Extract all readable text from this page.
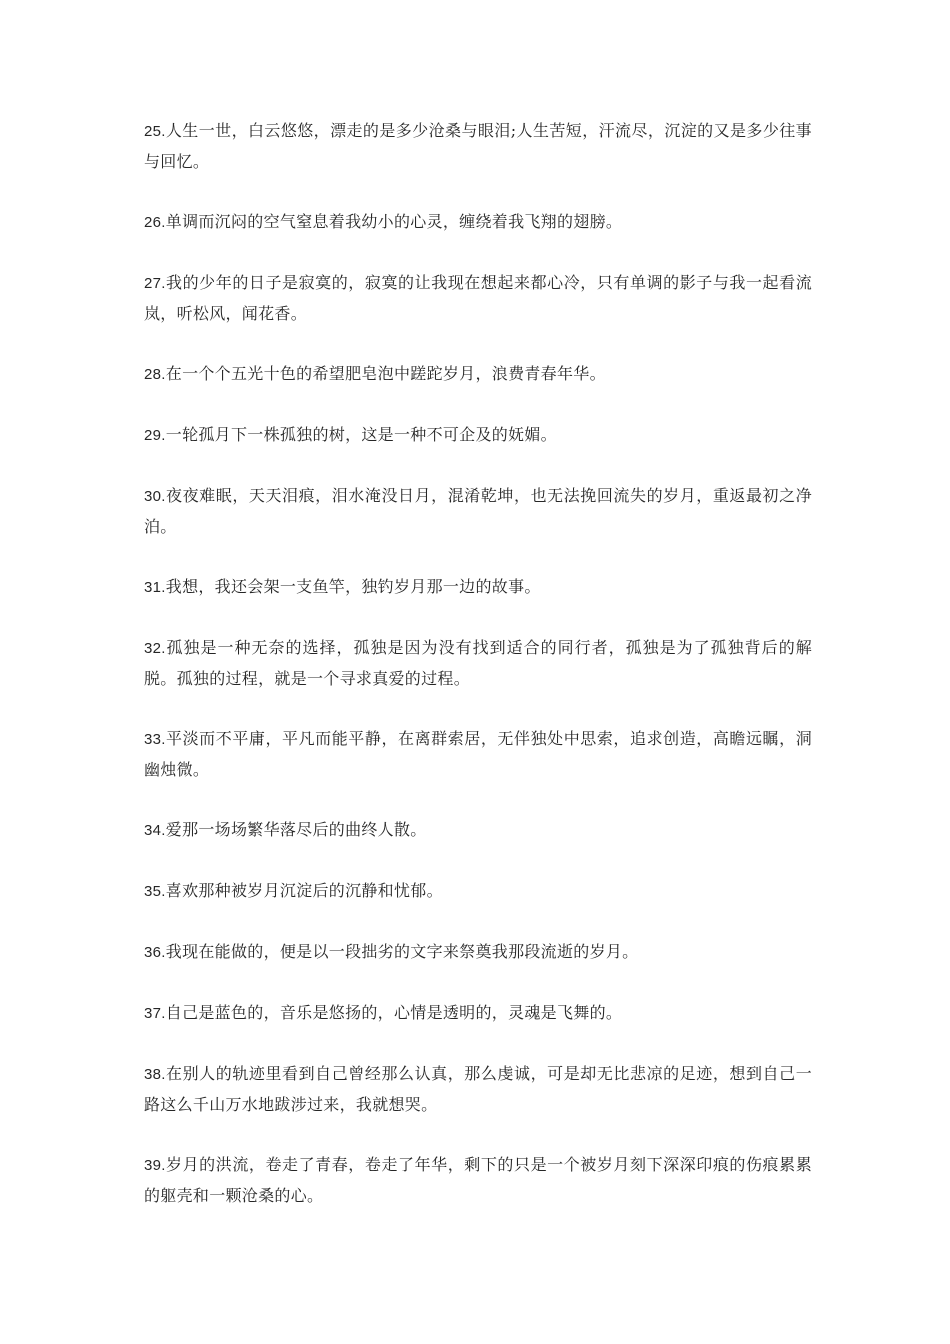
25.人生一世，白云悠悠，漂走的是多少沧桑与眼泪;人生苦短，汗流尽，沉淀的又是多少往事与回忆。
26.单调而沉闷的空气窒息着我幼小的心灵，缠绕着我飞翔的翅膀。
27.我的少年的日子是寂寞的，寂寞的让我现在想起来都心冷，只有单调的影子与我一起看流岚，听松风，闻花香。
28.在一个个五光十色的希望肥皂泡中蹉跎岁月，浪费青春年华。
29.一轮孤月下一株孤独的树，这是一种不可企及的妩媚。
30.夜夜难眠，天天泪痕，泪水淹没日月，混淆乾坤，也无法挽回流失的岁月，重返最初之净泊。
31.我想，我还会架一支鱼竿，独钓岁月那一边的故事。
32.孤独是一种无奈的选择，孤独是因为没有找到适合的同行者，孤独是为了孤独背后的解脱。孤独的过程，就是一个寻求真爱的过程。
33.平淡而不平庸，平凡而能平静，在离群索居，无伴独处中思索，追求创造，高瞻远瞩，洞幽烛微。
34.爱那一场场繁华落尽后的曲终人散。
35.喜欢那种被岁月沉淀后的沉静和忧郁。
36.我现在能做的，便是以一段拙劣的文字来祭奠我那段流逝的岁月。
37.自己是蓝色的，音乐是悠扬的，心情是透明的，灵魂是飞舞的。
38.在别人的轨迹里看到自己曾经那么认真，那么虔诚，可是却无比悲凉的足迹，想到自己一路这么千山万水地跋涉过来，我就想哭。
39.岁月的洪流，卷走了青春，卷走了年华，剩下的只是一个被岁月刻下深深印痕的伤痕累累的躯壳和一颗沧桑的心。
